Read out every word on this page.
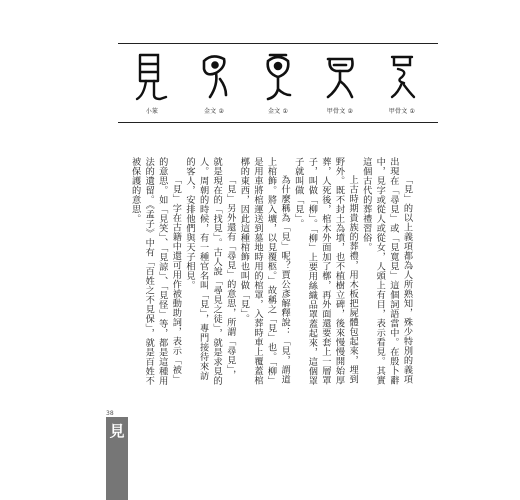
小篆	金文 ②	金文 ①	甲骨文 ②	甲骨文 ①

「見」的以上義項都為人所熟知，殊少特別的義項出現在「尋見」或「見寬見」這個詞語當中。在殷卜辭中，見字或從人或從女，人頭上有目，表示看見。其實這個古代的葬禮習俗。

上古時期貴族的葬禮，用木板把屍體包起來，埋到野外。既不封土為墳，也不植樹立碑，後來慢慢開始厚葬，人死後，棺木外面加了槨，再外面還要套上一層罩子，叫做「柳」。「柳」上要用絲織品罩蓋起來，這個罩子就叫做「見」。

為什麼稱為「見」呢？賈公彥解釋說：「見，謂道上棺飾。將入壙，以見覆柩。」故稱之「見」也。「柳」是用車將棺運送到墓地時用的棺罩，入葬時車上覆蓋棺槨的東西，因此這種棺飾也叫做「見」。

「見」另外還有「尋見」的意思，所謂「尋見」，就是現在的「找見」。古人說「尋見之徒」，就是求見的人。周朝的時候，有一種官名叫「見」，專門接待來訪的客人，安排他們與天子相見。

「見」字在古籍中還可用作被動助詞，表示「被」的意思。如「見笑」、「見諒」、「見怪」等，都是這種用法的遺留。《孟子》中有「百姓之不見保」，就是百姓不被保護的意思。

38
見
